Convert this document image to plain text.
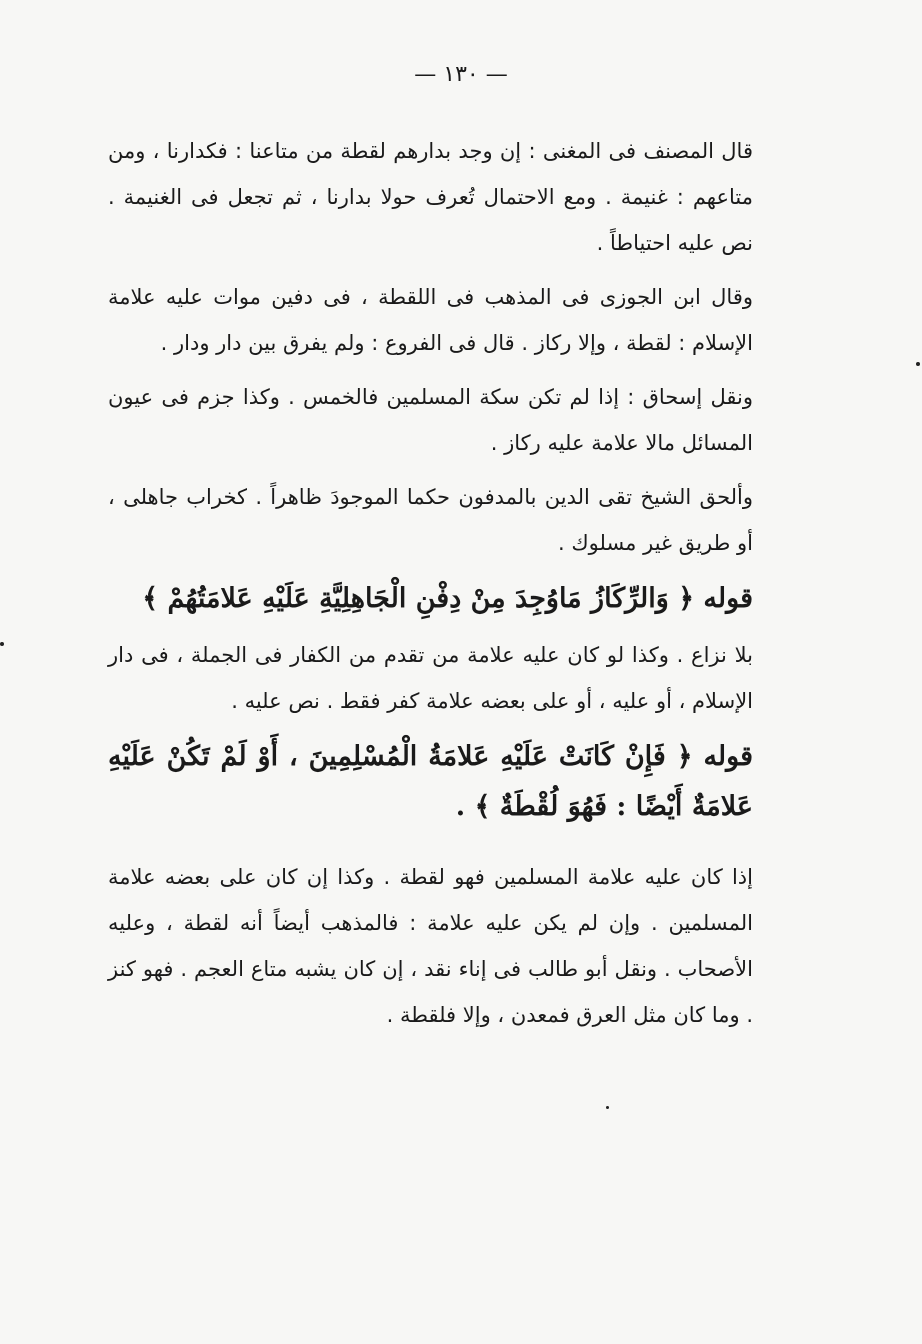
— ١٣٠ —

قال المصنف فى المغنى : إن وجد بدارهم لقطة من متاعنا : فكدارنا ، ومن متاعهم : غنيمة . ومع الاحتمال تُعرف حولا بدارنا ، ثم تجعل فى الغنيمة . نص عليه احتياطاً .

وقال ابن الجوزى فى المذهب فى اللقطة ، فى دفين موات عليه علامة الإسلام : لقطة ، وإلا ركاز . قال فى الفروع : ولم يفرق بين دار ودار .

ونقل إسحاق : إذا لم تكن سكة المسلمين فالخمس . وكذا جزم فى عيون المسائل مالا علامة عليه ركاز .

وألحق الشيخ تقى الدين بالمدفون حكما الموجودَ ظاهراً . كخراب جاهلى ، أو طريق غير مسلوك .

قوله ﴿ وَالرِّكَازُ مَاوُجِدَ مِنْ دِفْنِ الْجَاهِلِيَّةِ عَلَيْهِ عَلامَتُهُمْ ﴾

بلا نزاع . وكذا لو كان عليه علامة من تقدم من الكفار فى الجملة ، فى دار الإسلام ، أو عليه ، أو على بعضه علامة كفر فقط . نص عليه .

قوله ﴿ فَإِنْ كَانَتْ عَلَيْهِ عَلامَةُ الْمُسْلِمِينَ ، أَوْ لَمْ تَكُنْ عَلَيْهِ عَلامَةٌ أَيْضًا : فَهُوَ لُقْطَةٌ ﴾ .

إذا كان عليه علامة المسلمين فهو لقطة . وكذا إن كان على بعضه علامة المسلمين . وإن لم يكن عليه علامة : فالمذهب أيضاً أنه لقطة ، وعليه الأصحاب . ونقل أبو طالب فى إناء نقد ، إن كان يشبه متاع العجم . فهو كنز . وما كان مثل العرق فمعدن ، وإلا فلقطة .
